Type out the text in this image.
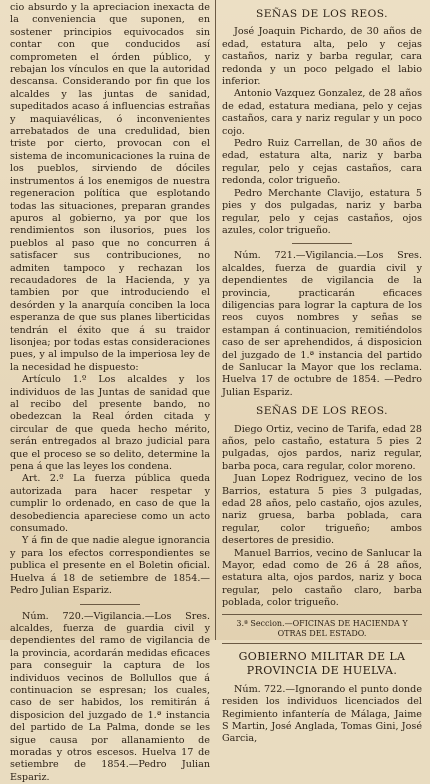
cio absurdo y la apreciacion inexacta de la conveniencia que suponen, en sostener principios equivocados sin contar con que conducidos así comprometen el órden público, y rebajan los vínculos en que la autoridad descansa. Considerando por fin que los alcaldes y las juntas de sanidad, supeditados acaso á influencias estrañas y maquiavélicas, ó inconvenientes arrebatados de una credulidad, bien triste por cierto, provocan con el sistema de incomunicaciones la ruina de los pueblos, sirviendo de dóciles instrumentos á los enemigos de nuestra regeneracion política que esplotando todas las situaciones, preparan grandes apuros al gobierno, ya por que los rendimientos son ilusorios, pues los pueblos al paso que no concurren á satisfacer sus contribuciones, no admiten tampoco y rechazan los recaudadores de la Hacienda, y ya tambien por que introduciendo el desórden y la anarquía conciben la loca esperanza de que sus planes liberticidas tendrán el éxito que á su traidor lisonjea; por todas estas consideraciones pues, y al impulso de la imperiosa ley de la necesidad he dispuesto:

Artículo 1.º Los alcaldes y los individuos de las Juntas de sanidad que al recibo del presente bando, no obedezcan la Real órden citada y circular de que queda hecho mérito, serán entregados al brazo judicial para que el proceso se so delito, determine la pena á que las leyes los condena.

Art. 2.º La fuerza pública queda autorizada para hacer respetar y cumplir lo ordenado, en caso de que la desobediencia apareciese como un acto consumado.

Y á fin de que nadie alegue ignorancia y para los efectos correspondientes se publica el presente en el Boletin oficial. Huelva á 18 de setiembre de 1854.—Pedro Julian Espariz.

Núm. 720.—Vigilancia.—Los Sres. alcaldes, fuerza de guardia civil y dependientes del ramo de vigilancia de la provincia, acordarán medidas eficaces para conseguir la captura de los individuos vecinos de Bollullos que á continuacion se espresan; los cuales, caso de ser habidos, los remitirán á disposicion del juzgado de 1.ª instancia del partido de La Palma, donde se les sigue causa por allanamiento de moradas y otros escesos. Huelva 17 de setiembre de 1854.—Pedro Julian Espariz.

SEÑAS DE LOS REOS.

José Joaquin Pichardo, de 30 años de edad, estatura alta, pelo y cejas castaños, nariz y barba regular, cara redonda y un poco pelgado el labio inferior.

Antonio Vazquez Gonzalez, de 28 años de edad, estatura mediana, pelo y cejas castaños, cara y nariz regular y un poco cojo.

Pedro Ruiz Carrellan, de 30 años de edad, estatura alta, nariz y barba regular, pelo y cejas castaños, cara redonda, color trigueño.

Pedro Merchante Clavijo, estatura 5 pies y dos pulgadas, nariz y barba regular, pelo y cejas castaños, ojos azules, color trigueño.

Núm. 721.—Vigilancia.—Los Sres. alcaldes, fuerza de guardia civil y dependientes de vigilancia de la provincia, practicarán eficaces diligencias para lograr la captura de los reos cuyos nombres y señas se estampan á continuacion, remitiéndolos caso de ser aprehendidos, á disposicion del juzgado de 1.ª instancia del partido de Sanlucar la Mayor que los reclama. Huelva 17 de octubre de 1854. —Pedro Julian Espariz.

SEÑAS DE LOS REOS.

Diego Ortiz, vecino de Tarifa, edad 28 años, pelo castaño, estatura 5 pies 2 pulgadas, ojos pardos, nariz regular, barba poca, cara regular, color moreno.

Juan Lopez Rodriguez, vecino de los Barrios, estatura 5 pies 3 pulgadas, edad 28 años, pelo castaño, ojos azules, nariz gruesa, barba poblada, cara regular, color trigueño; ambos desertores de presidio.

Manuel Barrios, vecino de Sanlucar la Mayor, edad como de 26 á 28 años, estatura alta, ojos pardos, nariz y boca regular, pelo castaño claro, barba poblada, color trigueño.

3.ª Seccion.—OFICINAS DE HACIENDA Y OTRAS DEL ESTADO.
GOBIERNO MILITAR DE LA PROVINCIA DE HUELVA.

Núm. 722.—Ignorando el punto donde residen los individuos licenciados del Regimiento infantería de Málaga, Jaime S Martin, José Anglada, Tomas Gini, José Garcia,
